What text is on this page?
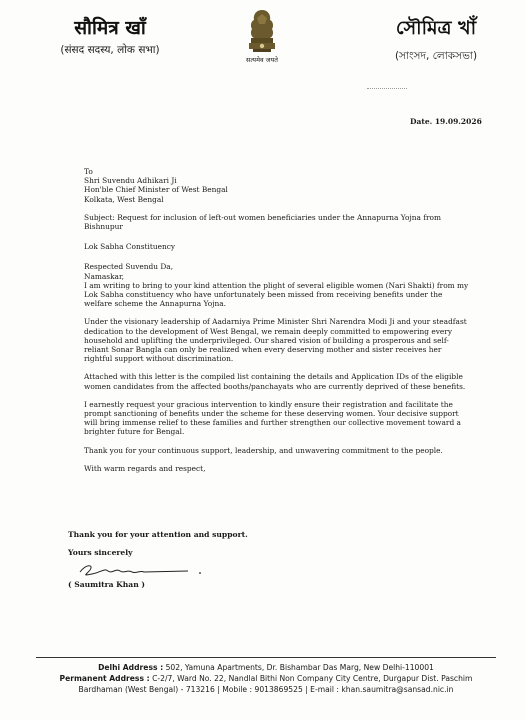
सौमित्र खाँ
(संसद सदस्य, लोक सभा)
सत्यमेव जयते
সৌমিত্র খাঁ
(সাংসদ, লোকসভা)
Date. 19.09.2026

To

Shri Suvendu Adhikari Ji

Hon'ble Chief Minister of West Bengal

Kolkata, West Bengal

Subject: Request for inclusion of left-out women beneficiaries under the Annapurna Yojna from Bishnupur

Lok Sabha Constituency

Respected Suvendu Da,

Namaskar,

I am writing to bring to your kind attention the plight of several eligible women (Nari Shakti) from my Lok Sabha constituency who have unfortunately been missed from receiving benefits under the welfare scheme the Annapurna Yojna.

Under the visionary leadership of Aadarniya Prime Minister Shri Narendra Modi Ji and your steadfast dedication to the development of West Bengal, we remain deeply committed to empowering every household and uplifting the underprivileged. Our shared vision of building a prosperous and self-reliant Sonar Bangla can only be realized when every deserving mother and sister receives her rightful support without discrimination.

Attached with this letter is the compiled list containing the details and Application IDs of the eligible women candidates from the affected booths/panchayats who are currently deprived of these benefits.

I earnestly request your gracious intervention to kindly ensure their registration and facilitate the prompt sanctioning of benefits under the scheme for these deserving women. Your decisive support will bring immense relief to these families and further strengthen our collective movement toward a brighter future for Bengal.

Thank you for your continuous support, leadership, and unwavering commitment to the people.

With warm regards and respect,

Thank you for your attention and support.
Yours sincerely
( Saumitra Khan )
Delhi Address : 502, Yamuna Apartments, Dr. Bishambar Das Marg, New Delhi-110001
Permanent Address : C-2/7, Ward No. 22, Nandlal Bithi Non Company City Centre, Durgapur Dist. Paschim
Bardhaman (West Bengal) - 713216 | Mobile : 9013869525 | E-mail : khan.saumitra@sansad.nic.in
